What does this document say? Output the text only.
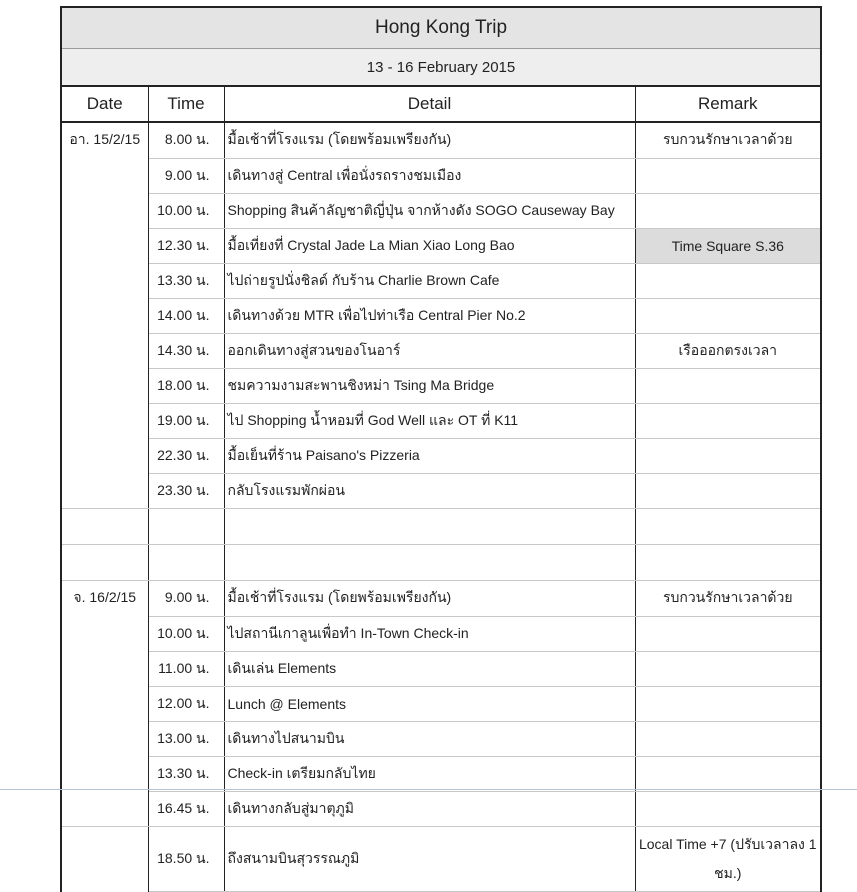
Hong Kong Trip			
13 - 16 February 2015			
Date	Time	Detail	Remark
อา. 15/2/15	8.00 น.	มื้อเช้าที่โรงแรม (โดยพร้อมเพรียงกัน)	รบกวนรักษาเวลาด้วย
	9.00 น.	เดินทางสู่ Central เพื่อนั่งรถรางชมเมือง	
	10.00 น.	Shopping สินค้าลัญชาติญี่ปุ่น จากห้างดัง SOGO Causeway Bay	
	12.30 น.	มื้อเที่ยงที่ Crystal Jade La Mian Xiao Long Bao	Time Square S.36
	13.30 น.	ไปถ่ายรูปนั่งชิลด์ กับร้าน Charlie Brown Cafe	
	14.00 น.	เดินทางด้วย MTR เพื่อไปท่าเรือ Central Pier No.2	
	14.30 น.	ออกเดินทางสู่สวนของโนอาร์	เรือออกตรงเวลา
	18.00 น.	ชมความงามสะพานชิงหม่า Tsing Ma Bridge	
	19.00 น.	ไป Shopping น้ำหอมที่ God Well และ OT ที่ K11	
	22.30 น.	มื้อเย็นที่ร้าน Paisano's Pizzeria	
	23.30 น.	กลับโรงแรมพักผ่อน	

จ. 16/2/15	9.00 น.	มื้อเช้าที่โรงแรม (โดยพร้อมเพรียงกัน)	รบกวนรักษาเวลาด้วย
	10.00 น.	ไปสถานีเกาลูนเพื่อทำ In-Town Check-in	
	11.00 น.	เดินเล่น Elements	
	12.00 น.	Lunch @ Elements	
	13.00 น.	เดินทางไปสนามบิน	
	13.30 น.	Check-in เตรียมกลับไทย	
	16.45 น.	เดินทางกลับสู่มาตุภูมิ	
	18.50 น.	ถึงสนามบินสุวรรณภูมิ	Local Time +7 (ปรับเวลาลง 1 ชม.)
